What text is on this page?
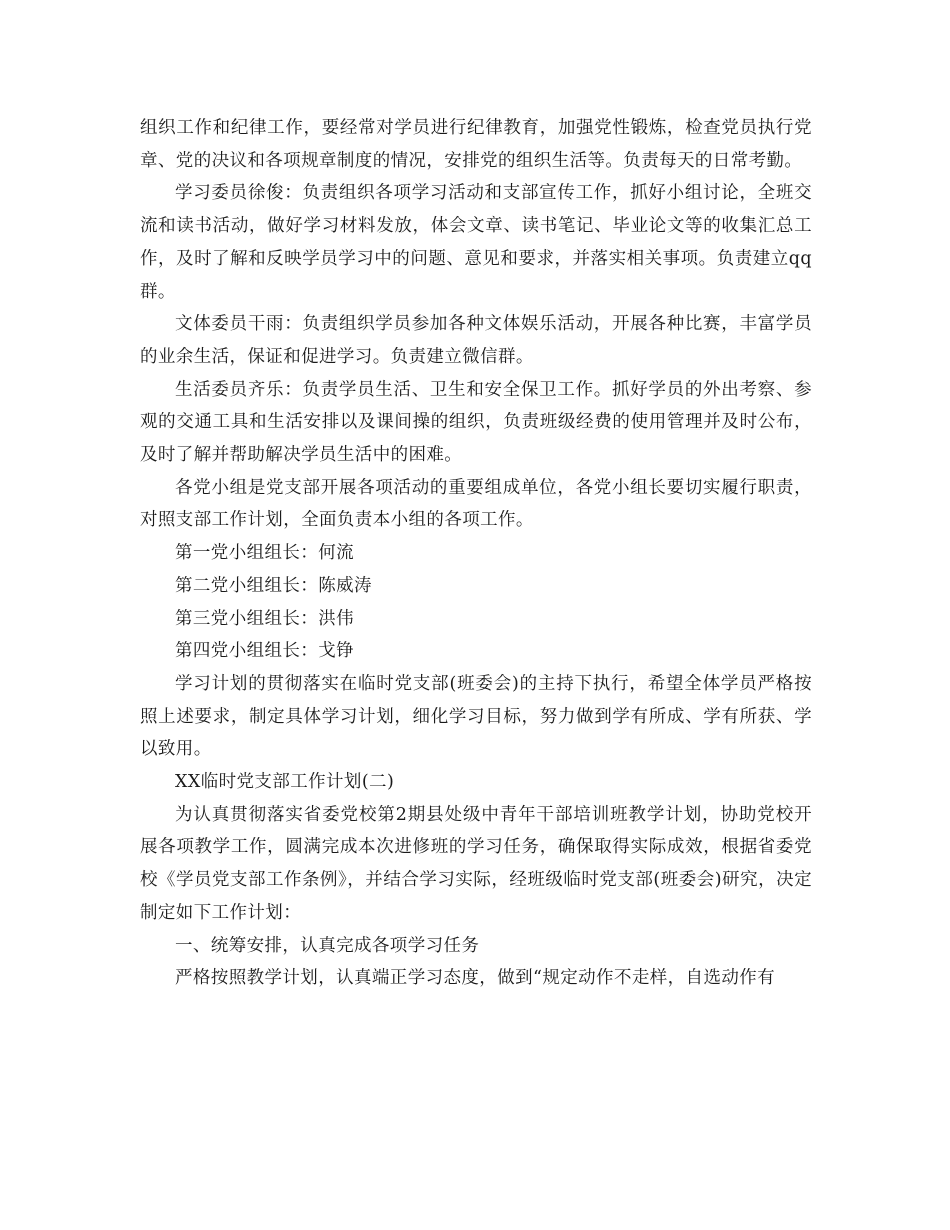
组织工作和纪律工作，要经常对学员进行纪律教育，加强党性锻炼，检查党员执行党章、党的决议和各项规章制度的情况，安排党的组织生活等。负责每天的日常考勤。

学习委员徐俊：负责组织各项学习活动和支部宣传工作，抓好小组讨论，全班交流和读书活动，做好学习材料发放，体会文章、读书笔记、毕业论文等的收集汇总工作，及时了解和反映学员学习中的问题、意见和要求，并落实相关事项。负责建立qq群。

文体委员干雨：负责组织学员参加各种文体娱乐活动，开展各种比赛，丰富学员的业余生活，保证和促进学习。负责建立微信群。

生活委员齐乐：负责学员生活、卫生和安全保卫工作。抓好学员的外出考察、参观的交通工具和生活安排以及课间操的组织，负责班级经费的使用管理并及时公布，及时了解并帮助解决学员生活中的困难。

各党小组是党支部开展各项活动的重要组成单位，各党小组长要切实履行职责，对照支部工作计划，全面负责本小组的各项工作。

第一党小组组长：何流

第二党小组组长：陈威涛

第三党小组组长：洪伟

第四党小组组长：戈铮

学习计划的贯彻落实在临时党支部(班委会)的主持下执行，希望全体学员严格按照上述要求，制定具体学习计划，细化学习目标，努力做到学有所成、学有所获、学以致用。

XX临时党支部工作计划(二)

为认真贯彻落实省委党校第2期县处级中青年干部培训班教学计划，协助党校开展各项教学工作，圆满完成本次进修班的学习任务，确保取得实际成效，根据省委党校《学员党支部工作条例》，并结合学习实际，经班级临时党支部(班委会)研究，决定制定如下工作计划：

一、统筹安排，认真完成各项学习任务

严格按照教学计划，认真端正学习态度，做到“规定动作不走样，自选动作有
